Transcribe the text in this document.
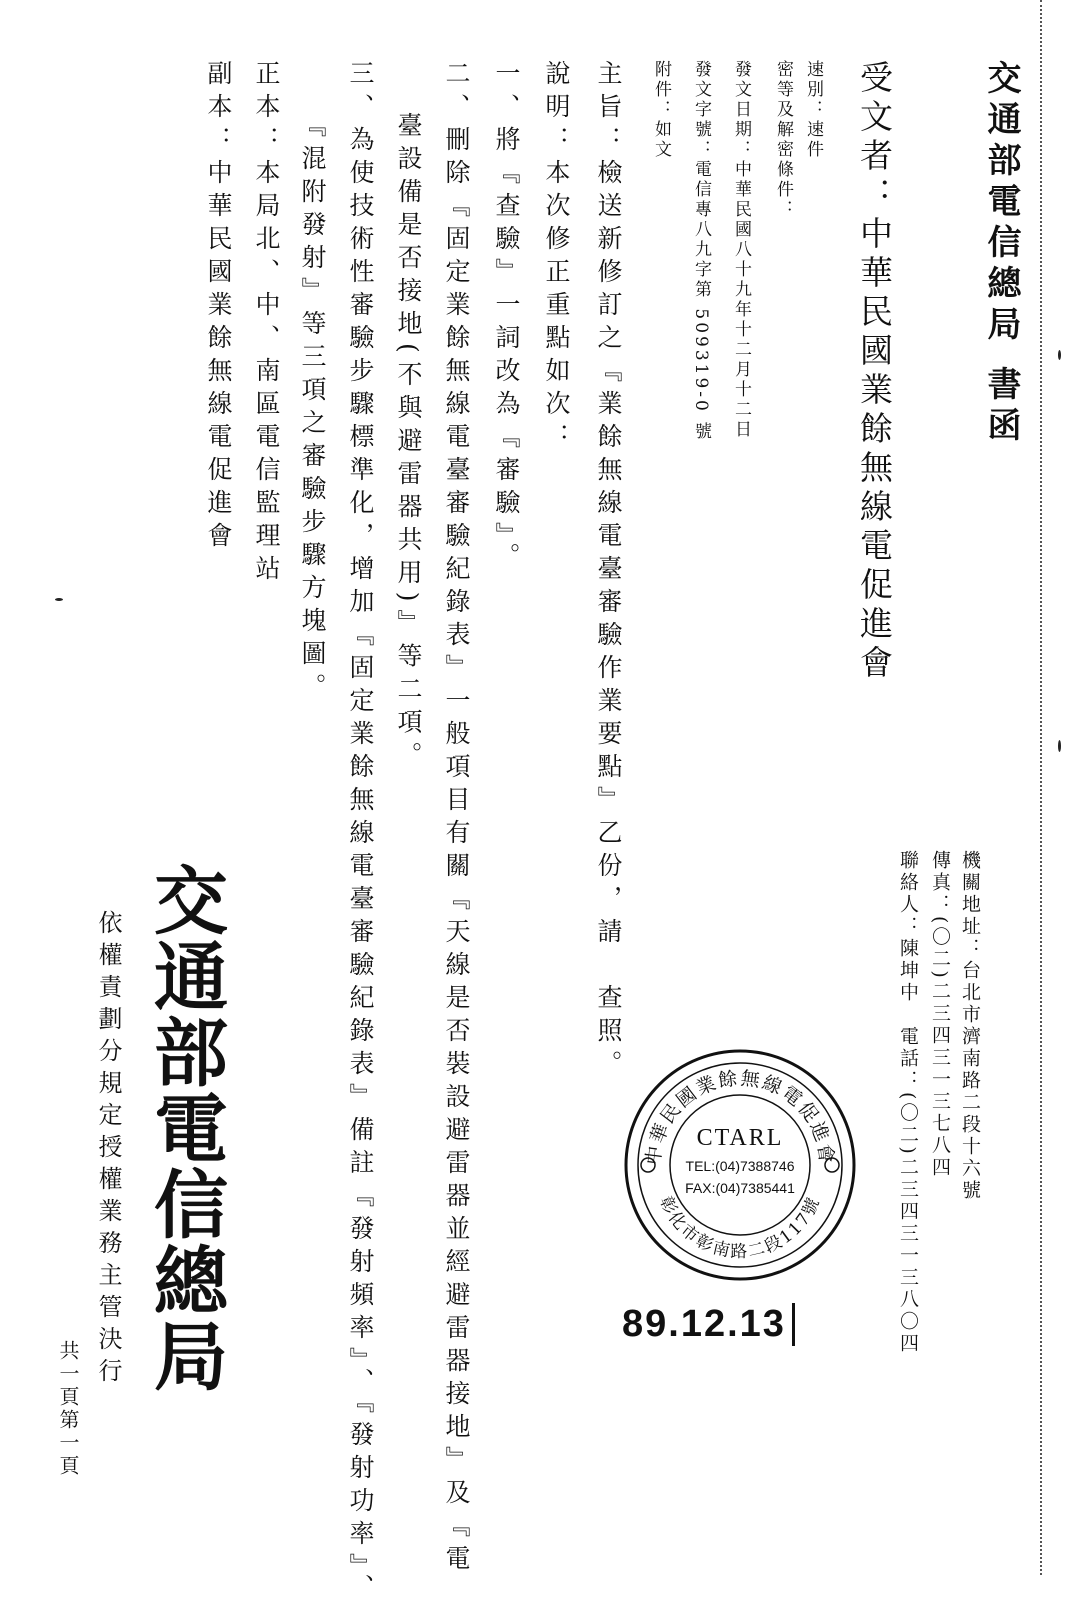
交通部電信總局 書函
受文者：中華民國業餘無線電促進會
速別：速件
密等及解密條件：
發文日期：中華民國八十九年十二月十二日
發文字號：電信專八九字第 509319-0 號
附件：如文
主旨：檢送新修訂之『業餘無線電臺審驗作業要點』乙份，請　查照。
說明：本次修正重點如次：
一、將『查驗』一詞改為『審驗』。
二、刪除『固定業餘無線電臺審驗紀錄表』一般項目有關『天線是否裝設避雷器並經避雷器接地』及『電
臺設備是否接地(不與避雷器共用)』等二項。
三、為使技術性審驗步驟標準化，增加『固定業餘無線電臺審驗紀錄表』備註『發射頻率』、『發射功率』、
『混附發射』等三項之審驗步驟方塊圖。
正本：本局北、中、南區電信監理站
副本：中華民國業餘無線電促進會
機關地址：台北市濟南路二段十六號
傳真：(〇二)二三四三一三七八四
聯絡人：陳坤中　電話：(〇二)二三四三一三八〇四
中華民國業餘無線電促進會
彰化市彰南路二段117號
CTARL
TEL:(04)7388746
FAX:(04)7385441
89.12.13
交通部電信總局
依權責劃分規定授權業務主管決行
共一頁第一頁
